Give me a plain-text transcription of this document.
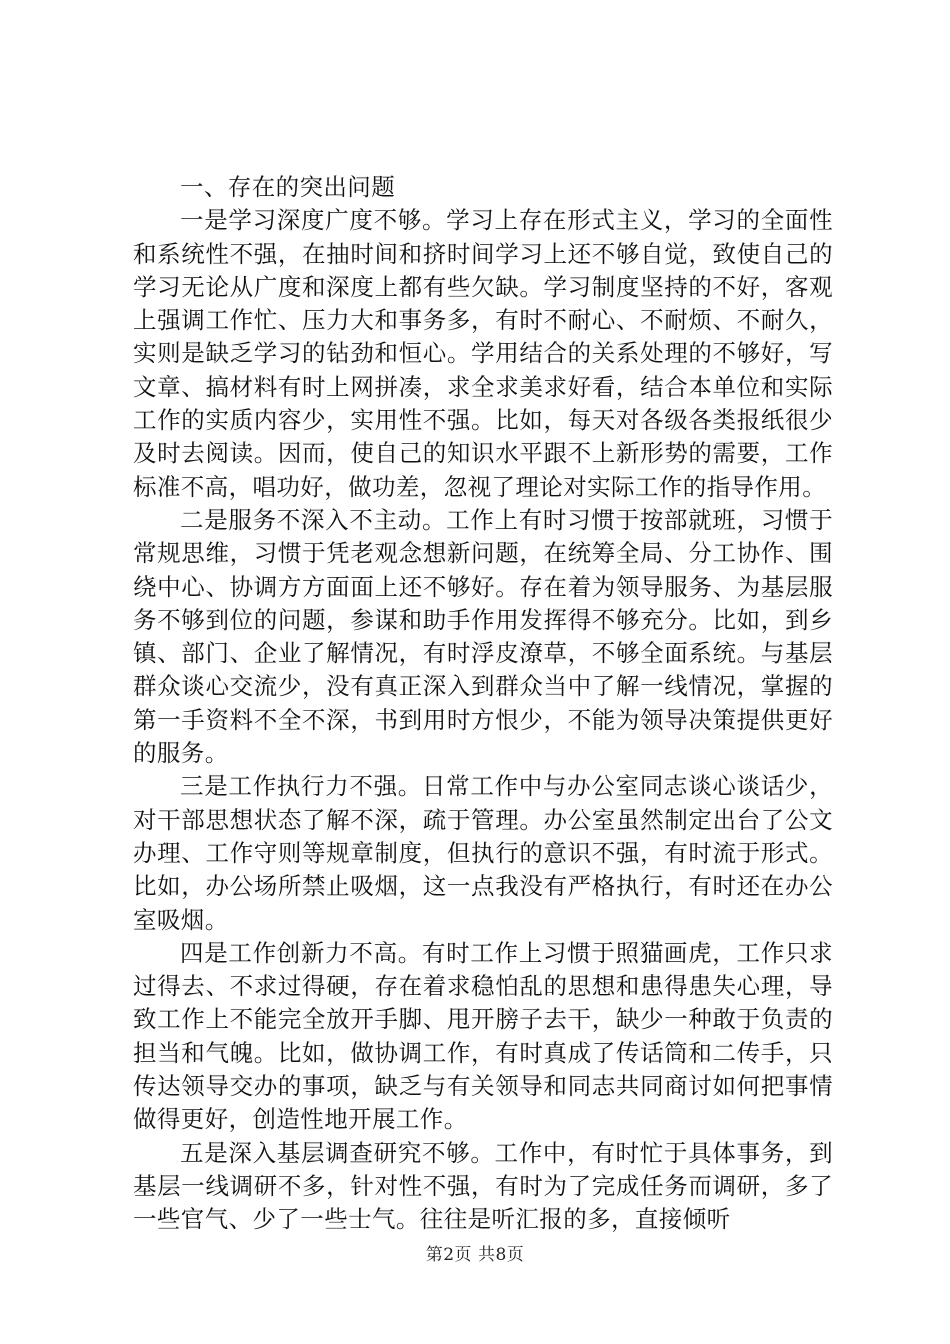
一、存在的突出问题

一是学习深度广度不够。学习上存在形式主义，学习的全面性和系统性不强，在抽时间和挤时间学习上还不够自觉，致使自己的学习无论从广度和深度上都有些欠缺。学习制度坚持的不好，客观上强调工作忙、压力大和事务多，有时不耐心、不耐烦、不耐久，实则是缺乏学习的钻劲和恒心。学用结合的关系处理的不够好，写文章、搞材料有时上网拼凑，求全求美求好看，结合本单位和实际工作的实质内容少，实用性不强。比如，每天对各级各类报纸很少及时去阅读。因而，使自己的知识水平跟不上新形势的需要，工作标准不高，唱功好，做功差，忽视了理论对实际工作的指导作用。

二是服务不深入不主动。工作上有时习惯于按部就班，习惯于常规思维，习惯于凭老观念想新问题，在统筹全局、分工协作、围绕中心、协调方方面面上还不够好。存在着为领导服务、为基层服务不够到位的问题，参谋和助手作用发挥得不够充分。比如，到乡镇、部门、企业了解情况，有时浮皮潦草，不够全面系统。与基层群众谈心交流少，没有真正深入到群众当中了解一线情况，掌握的第一手资料不全不深，书到用时方恨少，不能为领导决策提供更好的服务。

三是工作执行力不强。日常工作中与办公室同志谈心谈话少，对干部思想状态了解不深，疏于管理。办公室虽然制定出台了公文办理、工作守则等规章制度，但执行的意识不强，有时流于形式。比如，办公场所禁止吸烟，这一点我没有严格执行，有时还在办公室吸烟。

四是工作创新力不高。有时工作上习惯于照猫画虎，工作只求过得去、不求过得硬，存在着求稳怕乱的思想和患得患失心理，导致工作上不能完全放开手脚、甩开膀子去干，缺少一种敢于负责的担当和气魄。比如，做协调工作，有时真成了传话筒和二传手，只传达领导交办的事项，缺乏与有关领导和同志共同商讨如何把事情做得更好，创造性地开展工作。

五是深入基层调查研究不够。工作中，有时忙于具体事务，到基层一线调研不多，针对性不强，有时为了完成任务而调研，多了一些官气、少了一些士气。往往是听汇报的多，直接倾听

第2页 共8页
